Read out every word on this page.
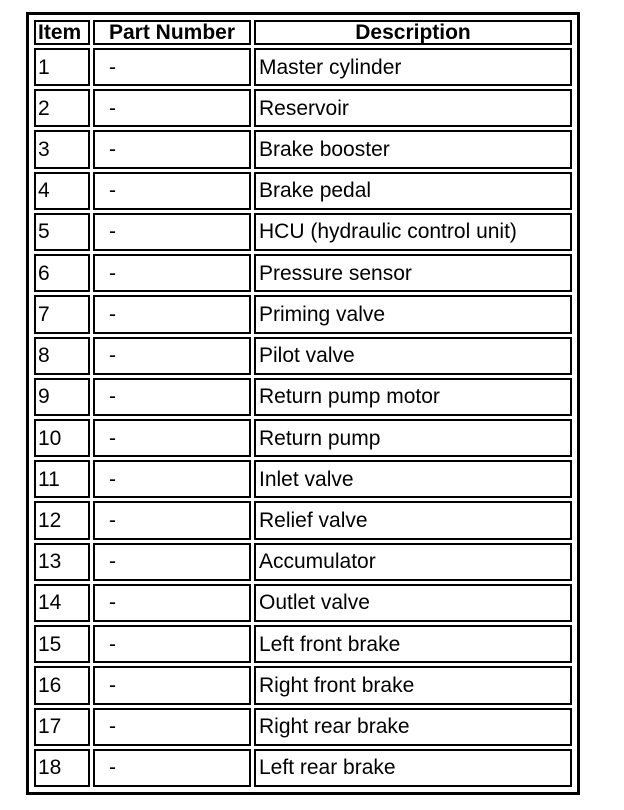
Item	Part Number	Description
1	-	Master cylinder
2	-	Reservoir
3	-	Brake booster
4	-	Brake pedal
5	-	HCU (hydraulic control unit)
6	-	Pressure sensor
7	-	Priming valve
8	-	Pilot valve
9	-	Return pump motor
10	-	Return pump
11	-	Inlet valve
12	-	Relief valve
13	-	Accumulator
14	-	Outlet valve
15	-	Left front brake
16	-	Right front brake
17	-	Right rear brake
18	-	Left rear brake
